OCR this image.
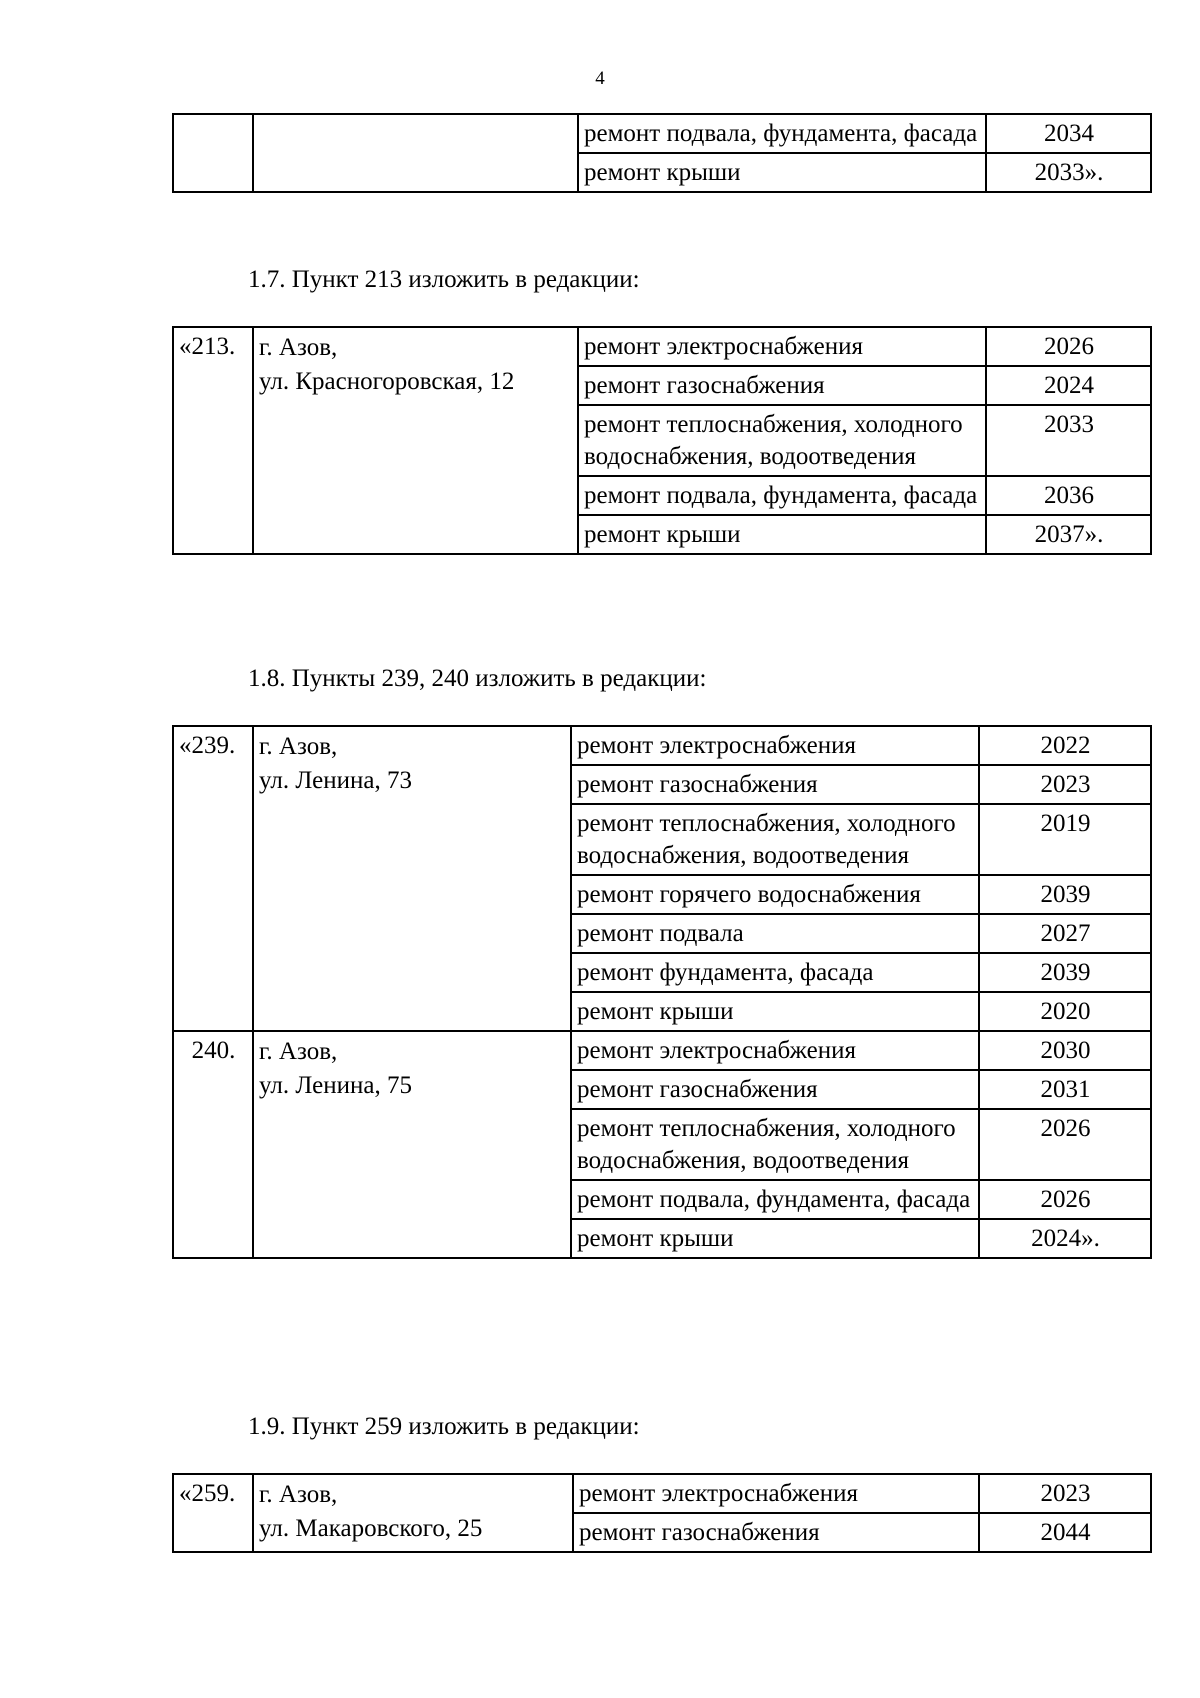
4
		ремонт подвала, фундамента, фасада	2034
		ремонт крыши	2033».
1.7. Пункт 213 изложить в редакции:
«213.	г. Азов,
ул. Красногоровская, 12	ремонт электроснабжения	2026
		ремонт газоснабжения	2024
		ремонт теплоснабжения, холодного водоснабжения, водоотведения	2033
		ремонт подвала, фундамента, фасада	2036
		ремонт крыши	2037».
1.8. Пункты 239, 240 изложить в редакции:
«239.	г. Азов,
ул. Ленина, 73	ремонт электроснабжения	2022
		ремонт газоснабжения	2023
		ремонт теплоснабжения, холодного водоснабжения, водоотведения	2019
		ремонт горячего водоснабжения	2039
		ремонт подвала	2027
		ремонт фундамента, фасада	2039
		ремонт крыши	2020
240.	г. Азов,
ул. Ленина, 75	ремонт электроснабжения	2030
		ремонт газоснабжения	2031
		ремонт теплоснабжения, холодного водоснабжения, водоотведения	2026
		ремонт подвала, фундамента, фасада	2026
		ремонт крыши	2024».
1.9. Пункт 259 изложить в редакции:
«259.	г. Азов,
ул. Макаровского, 25	ремонт электроснабжения	2023
		ремонт газоснабжения	2044
